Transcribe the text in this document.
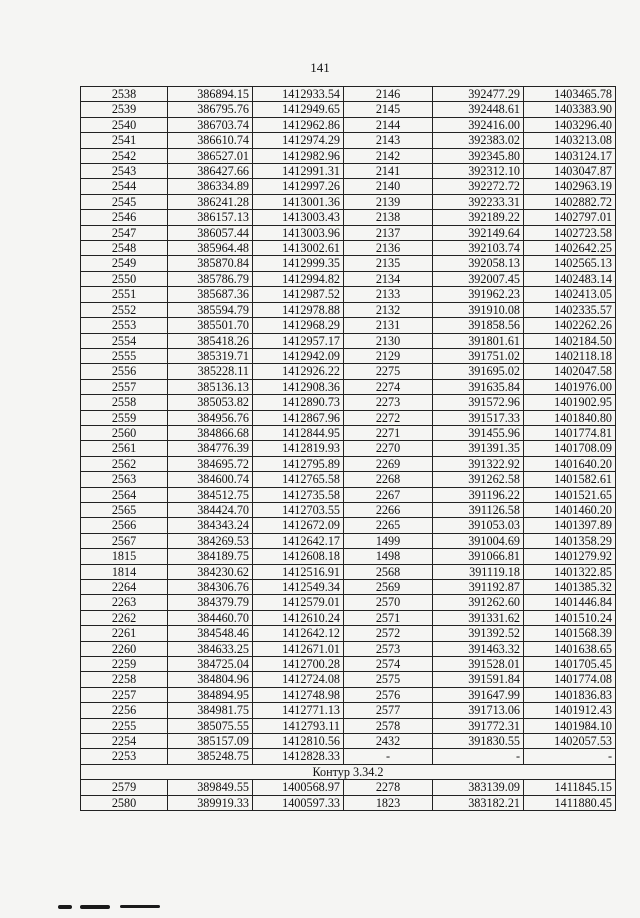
141
2538	386894.15	1412933.54	2146	392477.29	1403465.78
2539	386795.76	1412949.65	2145	392448.61	1403383.90
2540	386703.74	1412962.86	2144	392416.00	1403296.40
2541	386610.74	1412974.29	2143	392383.02	1403213.08
2542	386527.01	1412982.96	2142	392345.80	1403124.17
2543	386427.66	1412991.31	2141	392312.10	1403047.87
2544	386334.89	1412997.26	2140	392272.72	1402963.19
2545	386241.28	1413001.36	2139	392233.31	1402882.72
2546	386157.13	1413003.43	2138	392189.22	1402797.01
2547	386057.44	1413003.96	2137	392149.64	1402723.58
2548	385964.48	1413002.61	2136	392103.74	1402642.25
2549	385870.84	1412999.35	2135	392058.13	1402565.13
2550	385786.79	1412994.82	2134	392007.45	1402483.14
2551	385687.36	1412987.52	2133	391962.23	1402413.05
2552	385594.79	1412978.88	2132	391910.08	1402335.57
2553	385501.70	1412968.29	2131	391858.56	1402262.26
2554	385418.26	1412957.17	2130	391801.61	1402184.50
2555	385319.71	1412942.09	2129	391751.02	1402118.18
2556	385228.11	1412926.22	2275	391695.02	1402047.58
2557	385136.13	1412908.36	2274	391635.84	1401976.00
2558	385053.82	1412890.73	2273	391572.96	1401902.95
2559	384956.76	1412867.96	2272	391517.33	1401840.80
2560	384866.68	1412844.95	2271	391455.96	1401774.81
2561	384776.39	1412819.93	2270	391391.35	1401708.09
2562	384695.72	1412795.89	2269	391322.92	1401640.20
2563	384600.74	1412765.58	2268	391262.58	1401582.61
2564	384512.75	1412735.58	2267	391196.22	1401521.65
2565	384424.70	1412703.55	2266	391126.58	1401460.20
2566	384343.24	1412672.09	2265	391053.03	1401397.89
2567	384269.53	1412642.17	1499	391004.69	1401358.29
1815	384189.75	1412608.18	1498	391066.81	1401279.92
1814	384230.62	1412516.91	2568	391119.18	1401322.85
2264	384306.76	1412549.34	2569	391192.87	1401385.32
2263	384379.79	1412579.01	2570	391262.60	1401446.84
2262	384460.70	1412610.24	2571	391331.62	1401510.24
2261	384548.46	1412642.12	2572	391392.52	1401568.39
2260	384633.25	1412671.01	2573	391463.32	1401638.65
2259	384725.04	1412700.28	2574	391528.01	1401705.45
2258	384804.96	1412724.08	2575	391591.84	1401774.08
2257	384894.95	1412748.98	2576	391647.99	1401836.83
2256	384981.75	1412771.13	2577	391713.06	1401912.43
2255	385075.55	1412793.11	2578	391772.31	1401984.10
2254	385157.09	1412810.56	2432	391830.55	1402057.53
2253	385248.75	1412828.33	-	-	-
Контур 3.34.2					
2579	389849.55	1400568.97	2278	383139.09	1411845.15
2580	389919.33	1400597.33	1823	383182.21	1411880.45
